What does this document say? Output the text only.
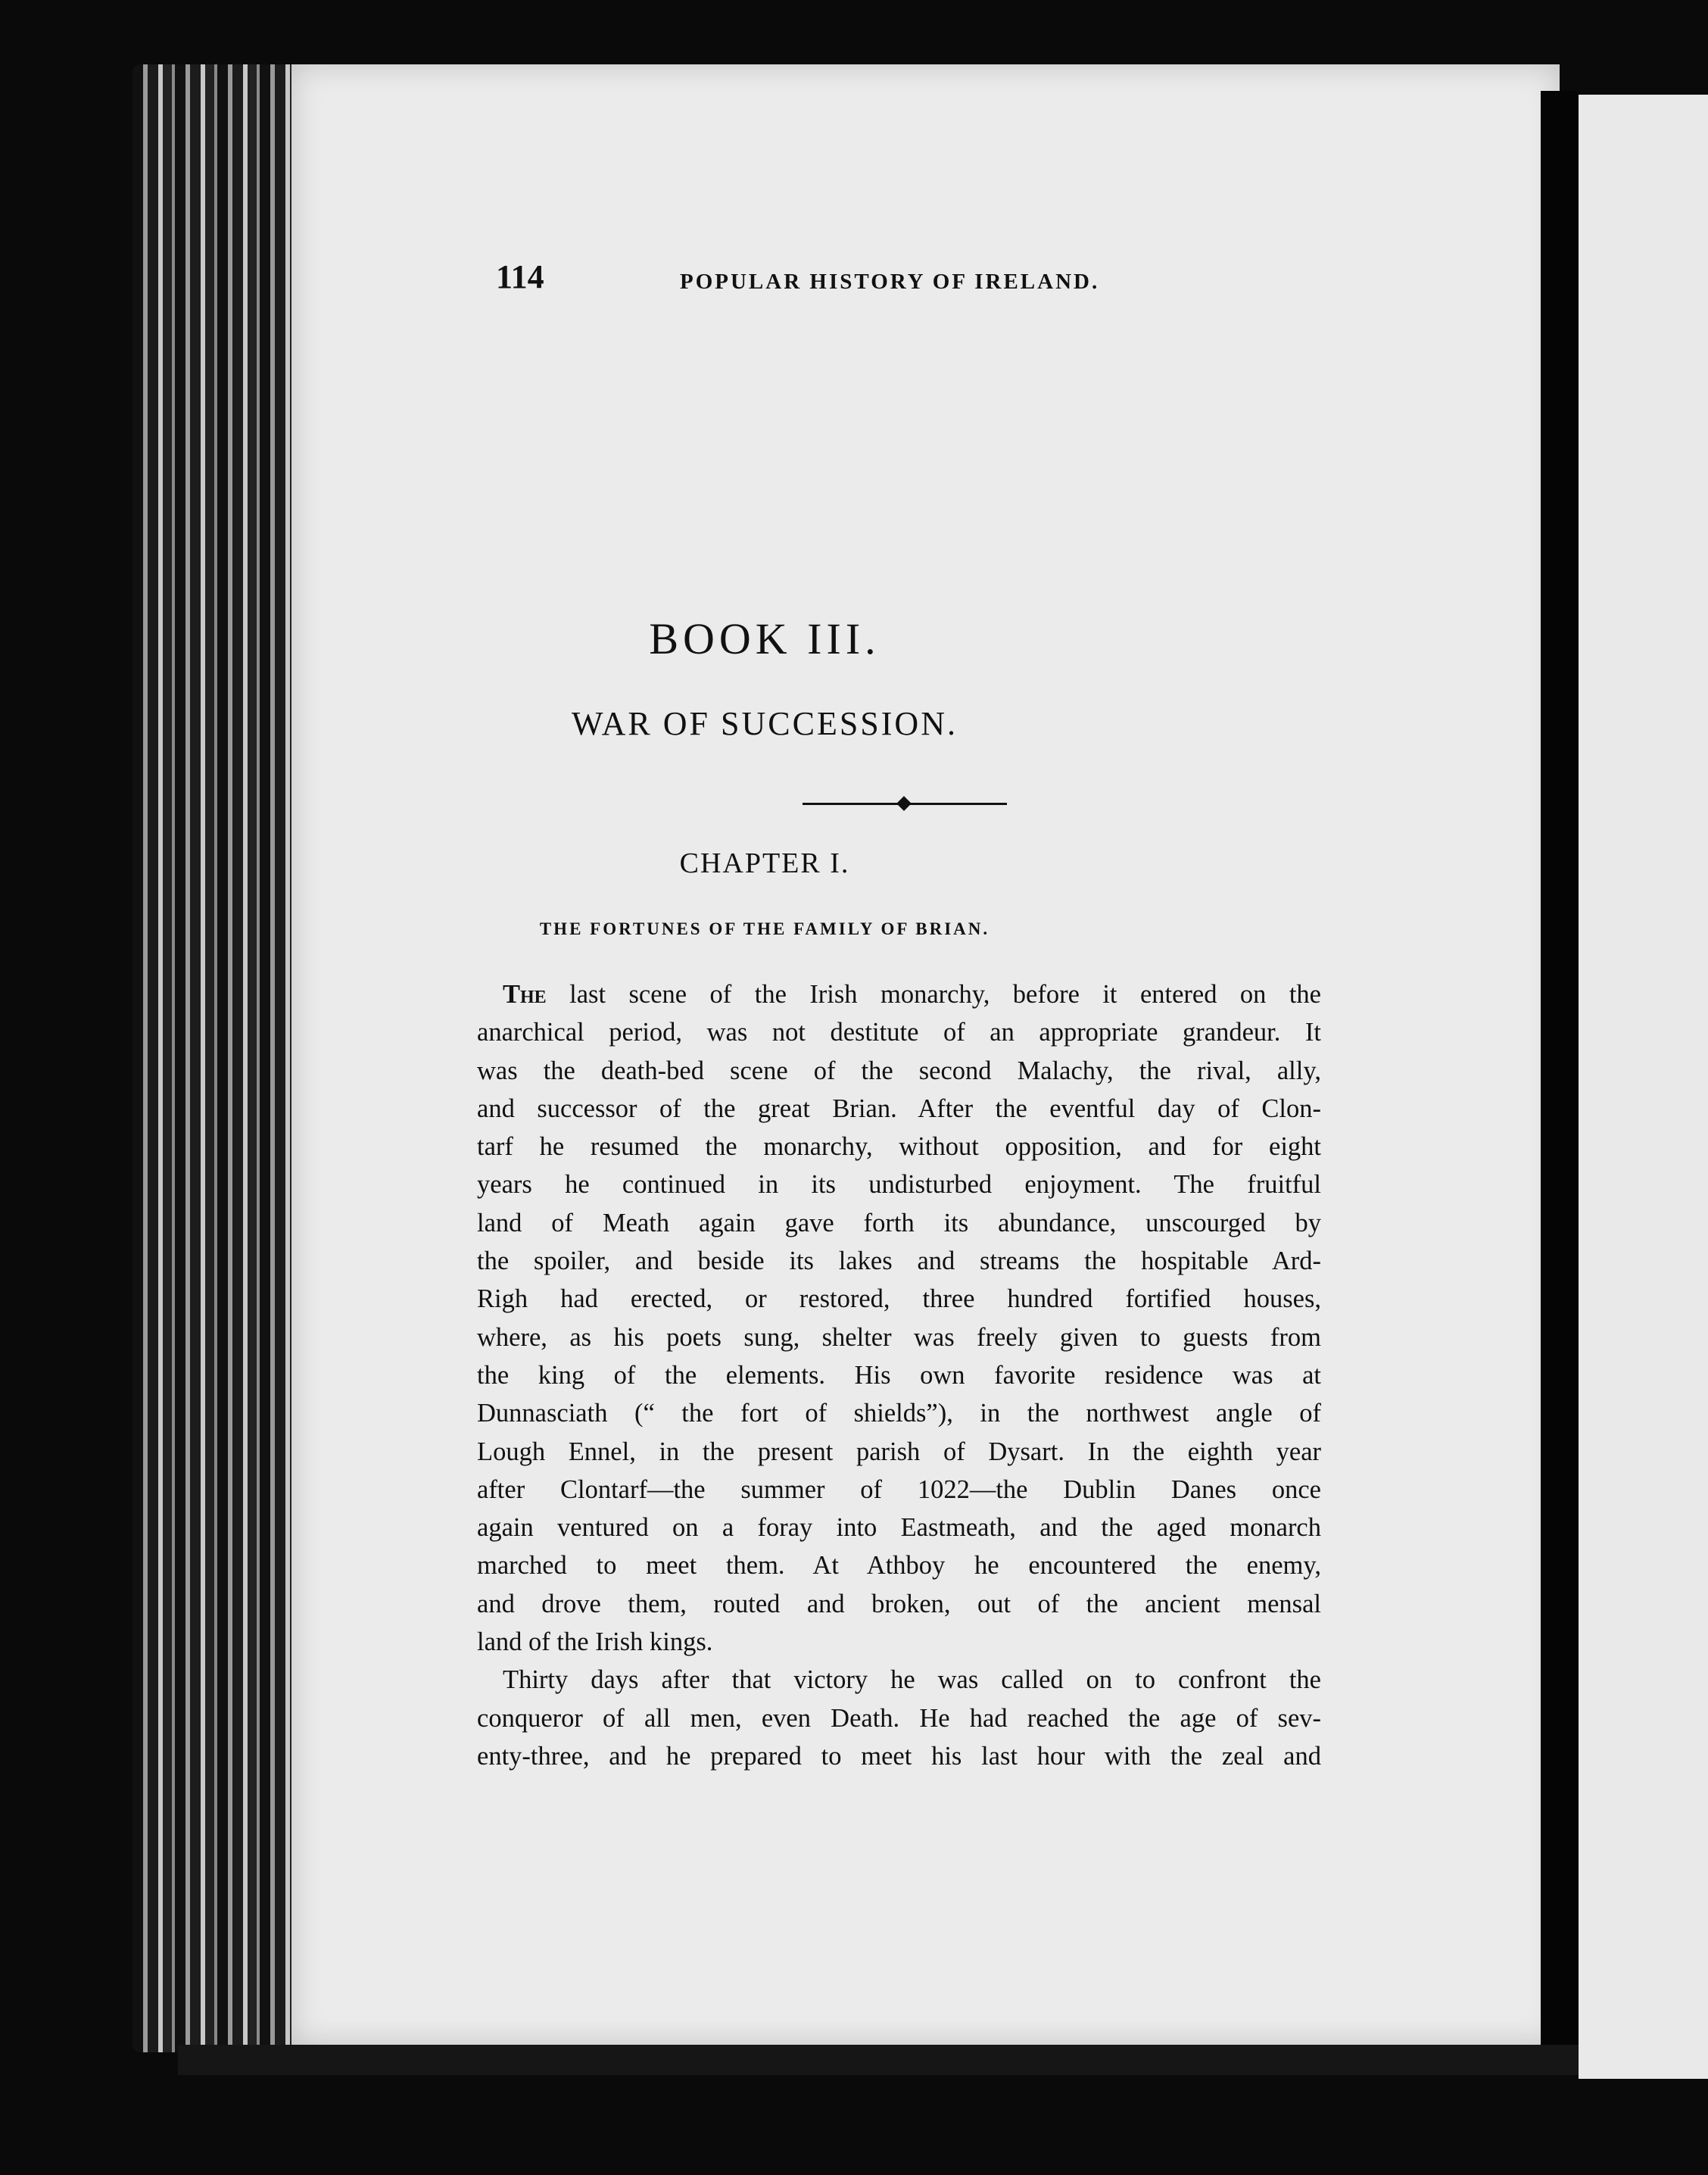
114	POPULAR HISTORY OF IRELAND.
BOOK III.
WAR OF SUCCESSION.
CHAPTER I.
THE FORTUNES OF THE FAMILY OF BRIAN.
The last scene of the Irish monarchy, before it entered on the
anarchical period, was not destitute of an appropriate grandeur. It
was the death-bed scene of the second Malachy, the rival, ally,
and successor of the great Brian. After the eventful day of Clon-
tarf he resumed the monarchy, without opposition, and for eight
years he continued in its undisturbed enjoyment. The fruitful
land of Meath again gave forth its abundance, unscourged by
the spoiler, and beside its lakes and streams the hospitable Ard-
Righ had erected, or restored, three hundred fortified houses,
where, as his poets sung, shelter was freely given to guests from
the king of the elements. His own favorite residence was at
Dunnasciath (“ the fort of shields”), in the northwest angle of
Lough Ennel, in the present parish of Dysart. In the eighth year
after Clontarf—the summer of 1022—the Dublin Danes once
again ventured on a foray into Eastmeath, and the aged monarch
marched to meet them. At Athboy he encountered the enemy,
and drove them, routed and broken, out of the ancient mensal
land of the Irish kings.
Thirty days after that victory he was called on to confront the
conqueror of all men, even Death. He had reached the age of sev-
enty-three, and he prepared to meet his last hour with the zeal and
